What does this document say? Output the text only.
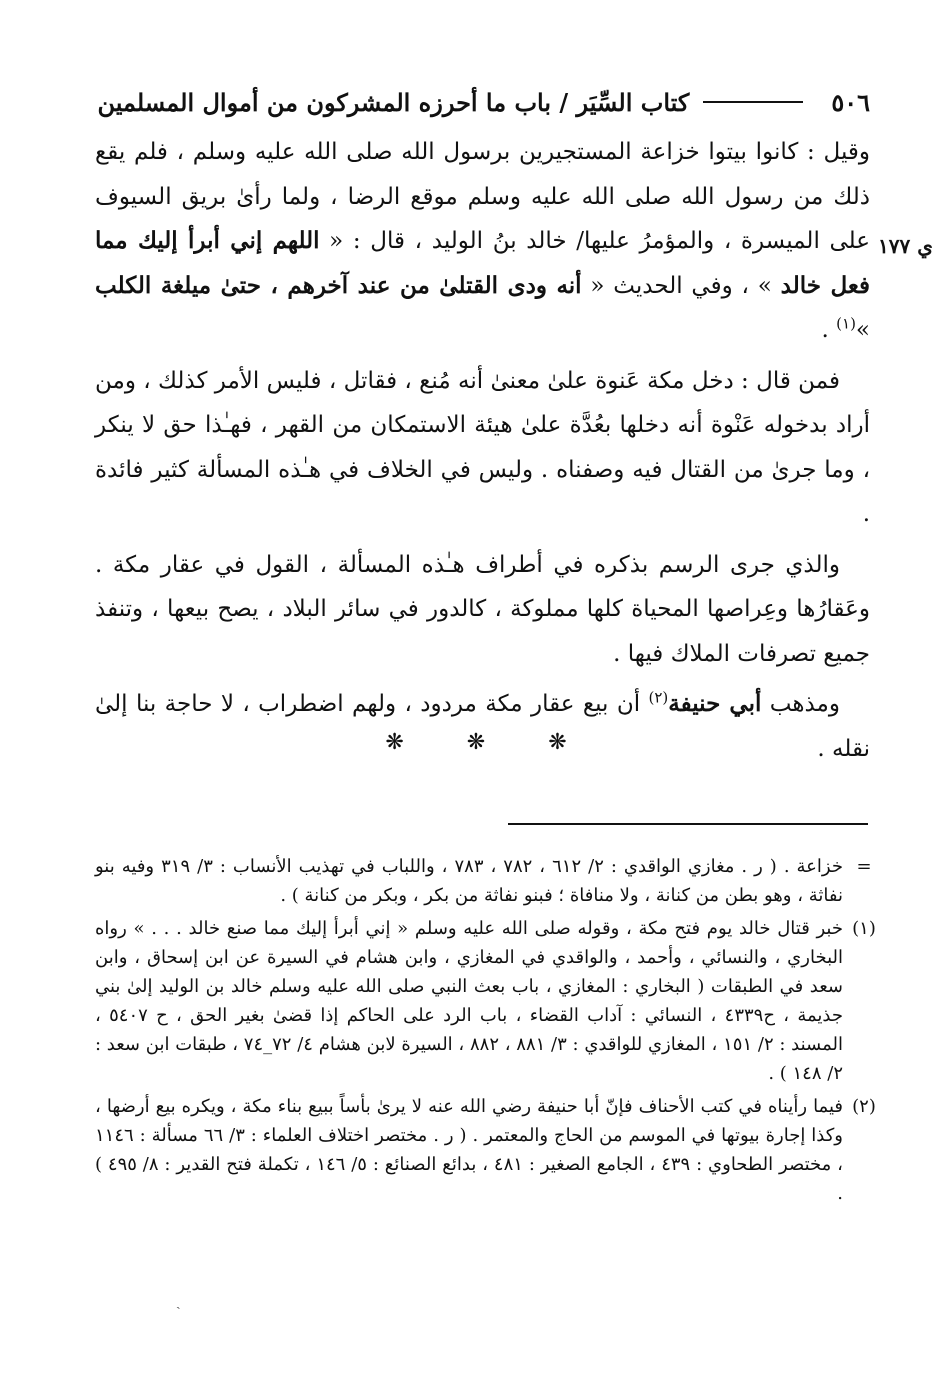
٥٠٦
كتاب السِّيَر / باب ما أحرزه المشركون من أموال المسلمين
ي ١٧٧

وقيل : كانوا بيتوا خزاعة المستجيرين برسول الله صلى الله عليه وسلم ، فلم يقع ذلك من رسول الله صلى الله عليه وسلم موقع الرضا ، ولما رأىٰ بريق السيوف على الميسرة ، والمؤمرُ عليها/ خالد بنُ الوليد ، قال : « اللهم إني أبرأ إليك مما فعل خالد » ، وفي الحديث « أنه ودى القتلىٰ من عند آخرهم ، حتىٰ ميلغة الكلب »$^{(١)}$ .

فمن قال : دخل مكة عَنوة علىٰ معنىٰ أنه مُنع ، فقاتل ، فليس الأمر كذلك ، ومن أراد بدخوله عَنْوة أنه دخلها بعُدَّة علىٰ هيئة الاستمكان من القهر ، فهـٰذا حق لا ينكر ، وما جرىٰ من القتال فيه وصفناه . وليس في الخلاف في هـٰذه المسألة كثير فائدة .

والذي جرى الرسم بذكره في أطراف هـٰذه المسألة ، القول في عقار مكة . وعَقارُها وعِراصها المحياة كلها مملوكة ، كالدور في سائر البلاد ، يصح بيعها ، وتنفذ جميع تصرفات الملاك فيها .

ومذهب أبي حنيفة$^{(٢)}$ أن بيع عقار مكة مردود ، ولهم اضطراب ، لا حاجة بنا إلىٰ نقله .

❋ ❋ ❋
=
خزاعة . ( ر . مغازي الواقدي : ٢/ ٦١٢ ، ٧٨٢ ، ٧٨٣ ، واللباب في تهذيب الأنساب : ٣/ ٣١٩ وفيه بنو نفاثة ، وهو بطن من كنانة ، ولا منافاة ؛ فبنو نفاثة من بكر ، وبكر من كنانة ) .
(١)
خبر قتال خالد يوم فتح مكة ، وقوله صلى الله عليه وسلم « إني أبرأ إليك مما صنع خالد . . . » رواه البخاري ، والنسائي ، وأحمد ، والواقدي في المغازي ، وابن هشام في السيرة عن ابن إسحاق ، وابن سعد في الطبقات ( البخاري : المغازي ، باب بعث النبي صلى الله عليه وسلم خالد بن الوليد إلىٰ بني جذيمة ، ح٤٣٣٩ ، النسائي : آداب القضاء ، باب الرد على الحاكم إذا قضىٰ بغير الحق ، ح ٥٤٠٧ ، المسند : ٢/ ١٥١ ، المغازي للواقدي : ٣/ ٨٨١ ، ٨٨٢ ، السيرة لابن هشام ٤/ ٧٢_٧٤ ، طبقات ابن سعد : ٢/ ١٤٨ ) .
(٢)
فيما رأيناه في كتب الأحناف فإنّ أبا حنيفة رضي الله عنه لا يرىٰ بأساً ببيع بناء مكة ، ويكره بيع أرضها ، وكذا إجارة بيوتها في الموسم من الحاج والمعتمر . ( ر . مختصر اختلاف العلماء : ٣/ ٦٦ مسألة : ١١٤٦ ، مختصر الطحاوي : ٤٣٩ ، الجامع الصغير : ٤٨١ ، بدائع الصنائع : ٥/ ١٤٦ ، تكملة فتح القدير : ٨/ ٤٩٥ ) .
ˏ
